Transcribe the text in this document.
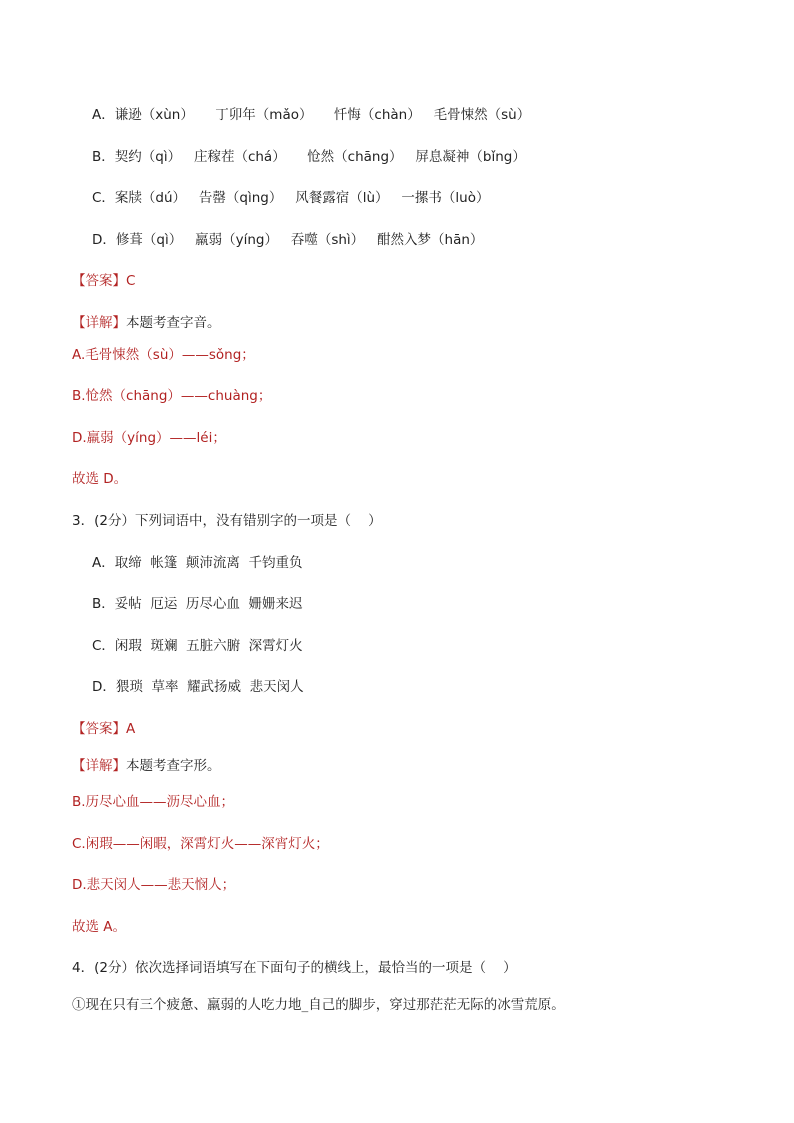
A．谦逊（xùn）     丁卯年（mǎo）     忏悔（chàn）   毛骨悚然（sù）
B．契约（qì）   庄稼茬（chá）     怆然（chāng）   屏息凝神（bǐng）
C．案牍（dú）   告罄（qìng）   风餐露宿（lù）   一摞书（luò）
D．修葺（qì）   羸弱（yíng）   吞噬（shì）   酣然入梦（hān）
【答案】C
【详解】本题考查字音。
A.毛骨悚然（sù）——sǒng；
B.怆然（chāng）——chuàng；
D.羸弱（yíng）——léi；
故选 D。
3．(2分）下列词语中，没有错别字的一项是（    ）
A．取缔  帐篷  颠沛流离  千钧重负
B．妥帖  厄运  历尽心血  姗姗来迟
C．闲瑕  斑斓  五脏六腑  深霄灯火
D．猥琐  草率  耀武扬威  悲天闵人
【答案】A
【详解】本题考查字形。
B.历尽心血——沥尽心血；
C.闲瑕——闲暇，深霄灯火——深宵灯火；
D.悲天闵人——悲天悯人；
故选 A。
4．(2分）依次选择词语填写在下面句子的横线上，最恰当的一项是（    ）
①现在只有三个疲惫、羸弱的人吃力地_自己的脚步，穿过那茫茫无际的冰雪荒原。
